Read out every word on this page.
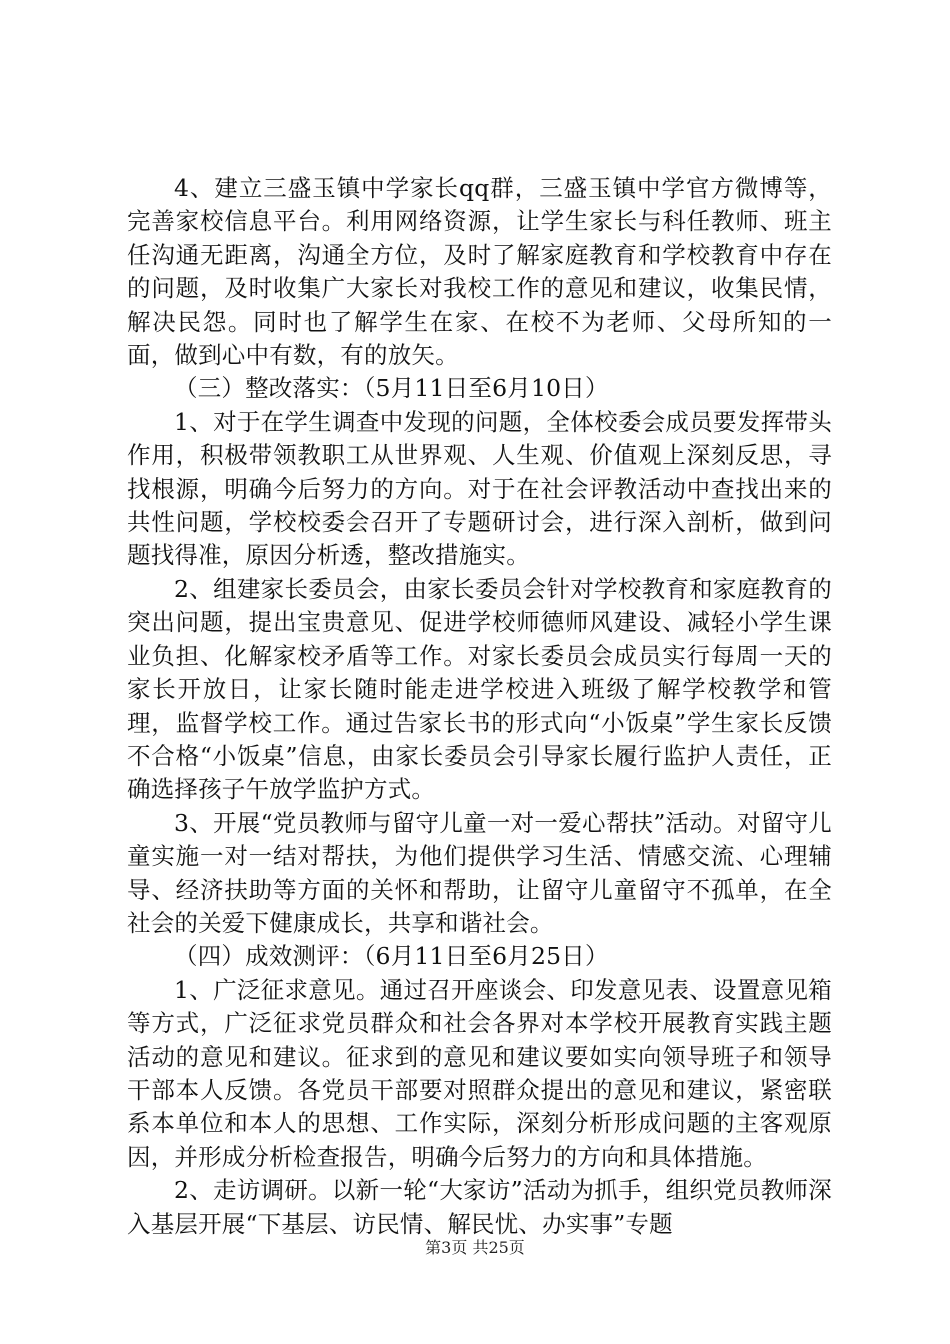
4、建立三盛玉镇中学家长qq群，三盛玉镇中学官方微博等，完善家校信息平台。利用网络资源，让学生家长与科任教师、班主任沟通无距离，沟通全方位，及时了解家庭教育和学校教育中存在的问题，及时收集广大家长对我校工作的意见和建议，收集民情，解决民怨。同时也了解学生在家、在校不为老师、父母所知的一面，做到心中有数，有的放矢。

（三）整改落实：（5月11日至6月10日）

1、对于在学生调查中发现的问题，全体校委会成员要发挥带头作用，积极带领教职工从世界观、人生观、价值观上深刻反思，寻找根源，明确今后努力的方向。对于在社会评教活动中查找出来的共性问题，学校校委会召开了专题研讨会，进行深入剖析，做到问题找得准，原因分析透，整改措施实。

2、组建家长委员会，由家长委员会针对学校教育和家庭教育的突出问题，提出宝贵意见、促进学校师德师风建设、减轻小学生课业负担、化解家校矛盾等工作。对家长委员会成员实行每周一天的家长开放日，让家长随时能走进学校进入班级了解学校教学和管理，监督学校工作。通过告家长书的形式向“小饭桌”学生家长反馈不合格“小饭桌”信息，由家长委员会引导家长履行监护人责任，正确选择孩子午放学监护方式。

3、开展“党员教师与留守儿童一对一爱心帮扶”活动。对留守儿童实施一对一结对帮扶，为他们提供学习生活、情感交流、心理辅导、经济扶助等方面的关怀和帮助，让留守儿童留守不孤单，在全社会的关爱下健康成长，共享和谐社会。

（四）成效测评：（6月11日至6月25日）

1、广泛征求意见。通过召开座谈会、印发意见表、设置意见箱等方式，广泛征求党员群众和社会各界对本学校开展教育实践主题活动的意见和建议。征求到的意见和建议要如实向领导班子和领导干部本人反馈。各党员干部要对照群众提出的意见和建议，紧密联系本单位和本人的思想、工作实际，深刻分析形成问题的主客观原因，并形成分析检查报告，明确今后努力的方向和具体措施。

2、走访调研。以新一轮“大家访”活动为抓手，组织党员教师深入基层开展“下基层、访民情、解民忧、办实事”专题

第3页 共25页
